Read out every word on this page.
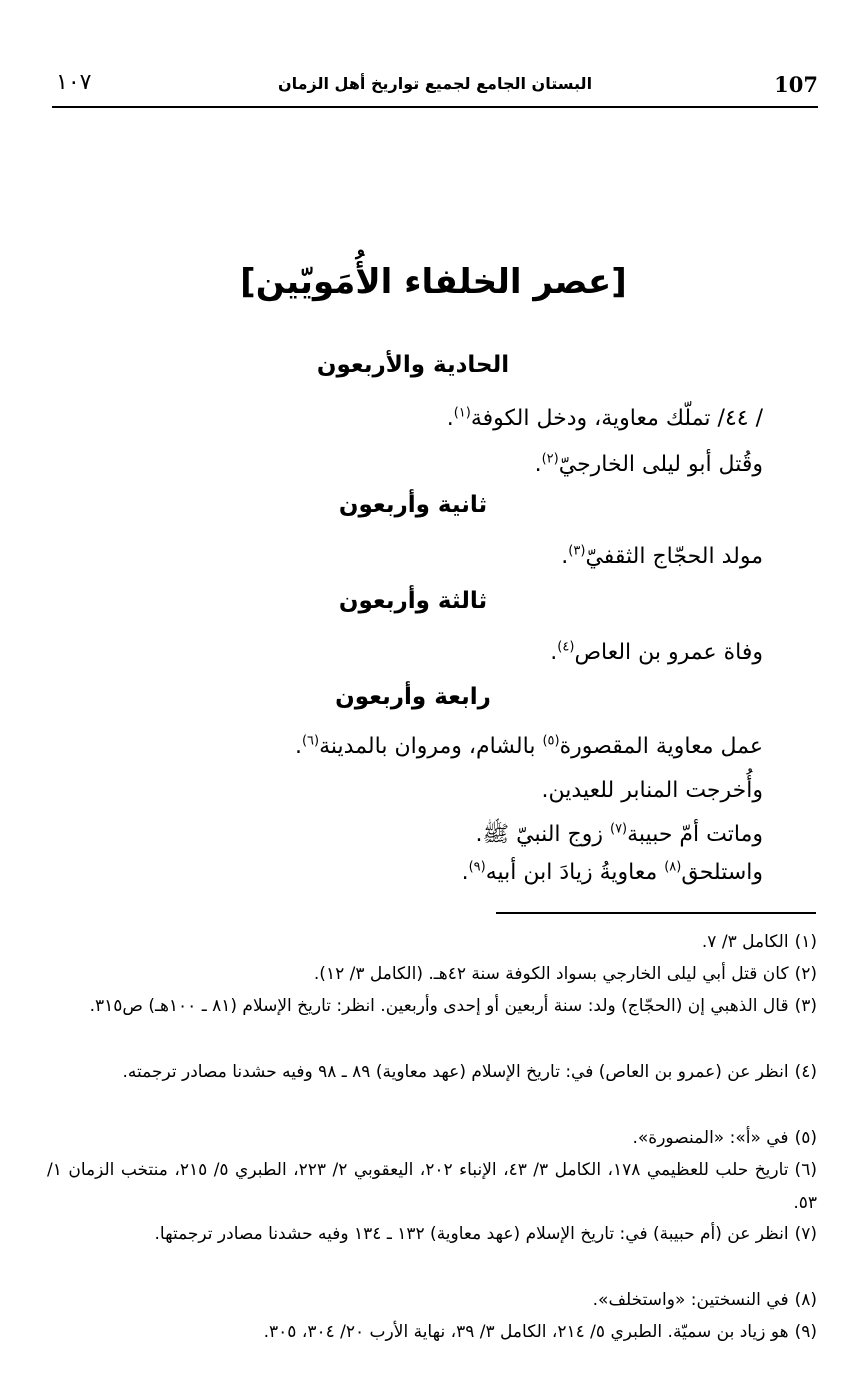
107
البستان الجامع لجميع تواريخ أهل الزمان
١٠٧
[عصر الخلفاء الأُمَويّين]
الحادية والأربعون
/ ٤٤/ تملّك معاوية، ودخل الكوفة$^{(١)}$.
وقُتل أبو ليلى الخارجيّ$^{(٢)}$.
ثانية وأربعون
مولد الحجّاج الثقفيّ$^{(٣)}$.
ثالثة وأربعون
وفاة عمرو بن العاص$^{(٤)}$.
رابعة وأربعون
عمل معاوية المقصورة$^{(٥)}$ بالشام، ومروان بالمدينة$^{(٦)}$.
وأُخرجت المنابر للعيدين.
وماتت أمّ حبيبة$^{(٧)}$ زوج النبيّ ﷺ.
واستلحق$^{(٨)}$ معاويةُ زيادَ ابن أبيه$^{(٩)}$.
(١)الكامل ٣/ ٧.
(٢)كان قتل أبي ليلى الخارجي بسواد الكوفة سنة ٤٢هـ. (الكامل ٣/ ١٢).
(٣)قال الذهبي إن (الحجّاج) ولد: سنة أربعين أو إحدى وأربعين. انظر: تاريخ الإسلام (٨١ ـ ١٠٠هـ) ص٣١٥.
(٤)انظر عن (عمرو بن العاص) في: تاريخ الإسلام (عهد معاوية) ٨٩ ـ ٩٨ وفيه حشدنا مصادر ترجمته.
(٥)في «أ»: «المنصورة».
(٦)تاريخ حلب للعظيمي ١٧٨، الكامل ٣/ ٤٣، الإنباء ٢٠٢، اليعقوبي ٢/ ٢٢٣، الطبري ٥/ ٢١٥، منتخب الزمان ١/ ٥٣.
(٧)انظر عن (أم حبيبة) في: تاريخ الإسلام (عهد معاوية) ١٣٢ ـ ١٣٤ وفيه حشدنا مصادر ترجمتها.
(٨)في النسختين: «واستخلف».
(٩)هو زياد بن سميّة. الطبري ٥/ ٢١٤، الكامل ٣/ ٣٩، نهاية الأرب ٢٠/ ٣٠٤، ٣٠٥.
